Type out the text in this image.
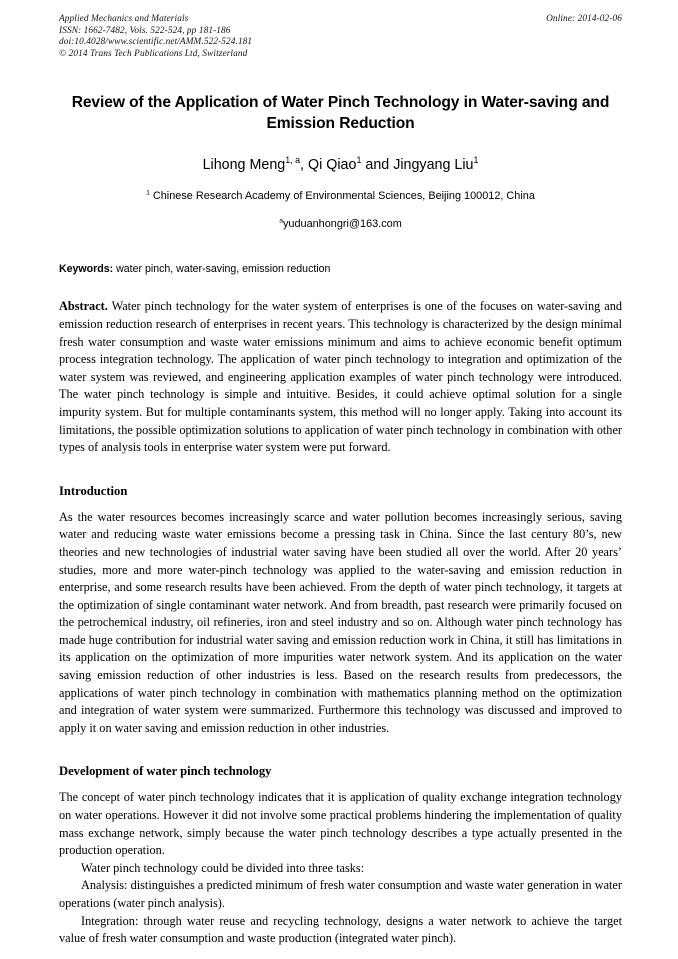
Applied Mechanics and Materials
ISSN: 1662-7482, Vols. 522-524, pp 181-186
doi:10.4028/www.scientific.net/AMM.522-524.181
© 2014 Trans Tech Publications Ltd, Switzerland
Online: 2014-02-06
Review of the Application of Water Pinch Technology in Water-saving and Emission Reduction
Lihong Meng$^{1, a}$, Qi Qiao$^1$ and Jingyang Liu$^1$
$^1$ Chinese Research Academy of Environmental Sciences, Beijing 100012, China
$^a$yuduanhongri@163.com
Keywords: water pinch, water-saving, emission reduction
Abstract. Water pinch technology for the water system of enterprises is one of the focuses on water-saving and emission reduction research of enterprises in recent years. This technology is characterized by the design minimal fresh water consumption and waste water emissions minimum and aims to achieve economic benefit optimum process integration technology. The application of water pinch technology to integration and optimization of the water system was reviewed, and engineering application examples of water pinch technology were introduced. The water pinch technology is simple and intuitive. Besides, it could achieve optimal solution for a single impurity system. But for multiple contaminants system, this method will no longer apply. Taking into account its limitations, the possible optimization solutions to application of water pinch technology in combination with other types of analysis tools in enterprise water system were put forward.
Introduction

As the water resources becomes increasingly scarce and water pollution becomes increasingly serious, saving water and reducing waste water emissions become a pressing task in China. Since the last century 80’s, new theories and new technologies of industrial water saving have been studied all over the world. After 20 years’ studies, more and more water-pinch technology was applied to the water-saving and emission reduction in enterprise, and some research results have been achieved. From the depth of water pinch technology, it targets at the optimization of single contaminant water network. And from breadth, past research were primarily focused on the petrochemical industry, oil refineries, iron and steel industry and so on. Although water pinch technology has made huge contribution for industrial water saving and emission reduction work in China, it still has limitations in its application on the optimization of more impurities water network system. And its application on the water saving emission reduction of other industries is less. Based on the research results from predecessors, the applications of water pinch technology in combination with mathematics planning method on the optimization and integration of water system were summarized. Furthermore this technology was discussed and improved to apply it on water saving and emission reduction in other industries.

Development of water pinch technology

The concept of water pinch technology indicates that it is application of quality exchange integration technology on water operations. However it did not involve some practical problems hindering the implementation of quality mass exchange network, simply because the water pinch technology describes a type actually presented in the production operation.

Water pinch technology could be divided into three tasks:

Analysis: distinguishes a predicted minimum of fresh water consumption and waste water generation in water operations (water pinch analysis).

Integration: through water reuse and recycling technology, designs a water network to achieve the target value of fresh water consumption and waste production (integrated water pinch).
